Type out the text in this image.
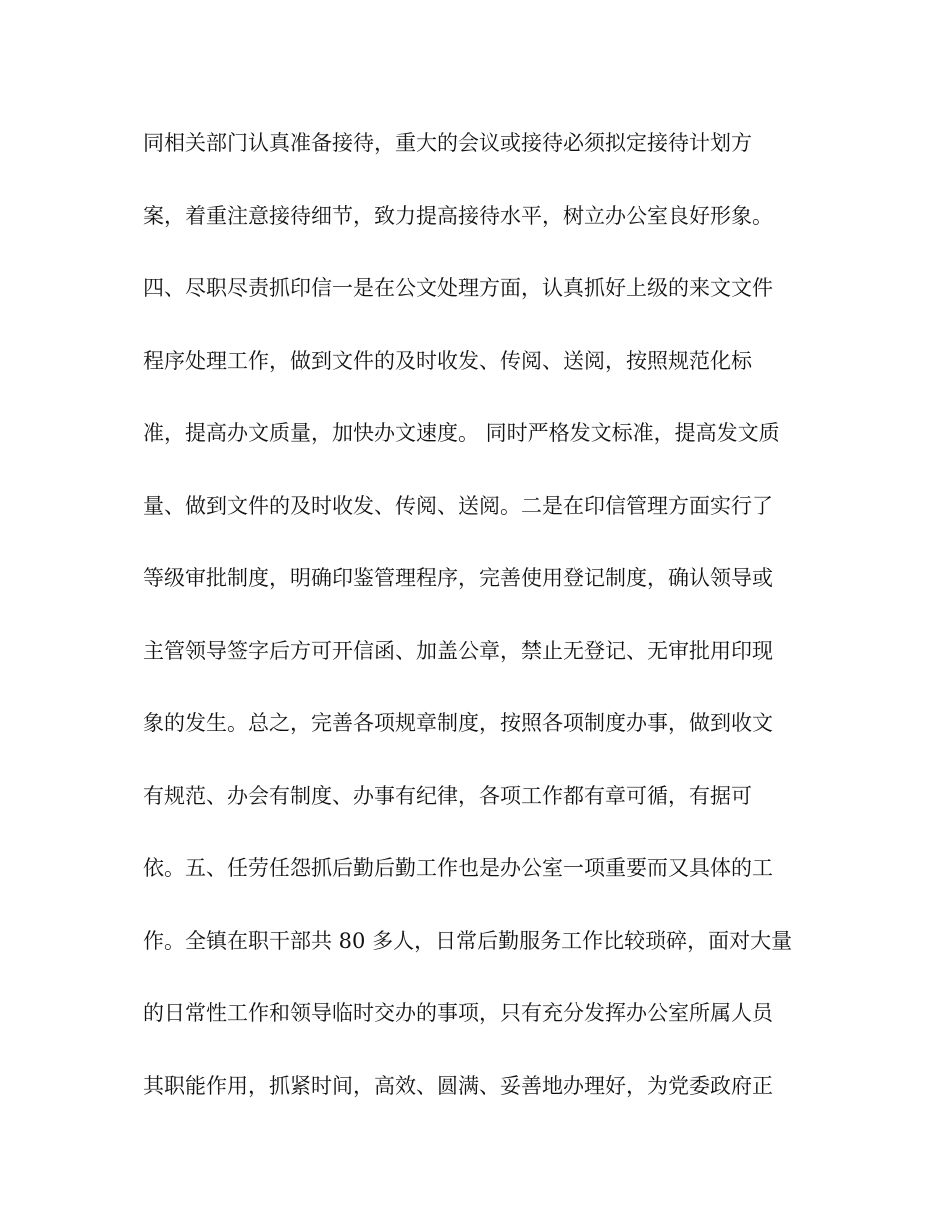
同相关部门认真准备接待，重大的会议或接待必须拟定接待计划方
案，着重注意接待细节，致力提高接待水平，树立办公室良好形象。
四、尽职尽责抓印信一是在公文处理方面，认真抓好上级的来文文件
程序处理工作，做到文件的及时收发、传阅、送阅，按照规范化标
准，提高办文质量，加快办文速度。 同时严格发文标准，提高发文质
量、做到文件的及时收发、传阅、送阅。二是在印信管理方面实行了
等级审批制度，明确印鉴管理程序，完善使用登记制度，确认领导或
主管领导签字后方可开信函、加盖公章，禁止无登记、无审批用印现
象的发生。总之，完善各项规章制度，按照各项制度办事，做到收文
有规范、办会有制度、办事有纪律，各项工作都有章可循，有据可
依。五、任劳任怨抓后勤后勤工作也是办公室一项重要而又具体的工
作。全镇在职干部共 80 多人，日常后勤服务工作比较琐碎，面对大量
的日常性工作和领导临时交办的事项，只有充分发挥办公室所属人员
其职能作用，抓紧时间，高效、圆满、妥善地办理好，为党委政府正
